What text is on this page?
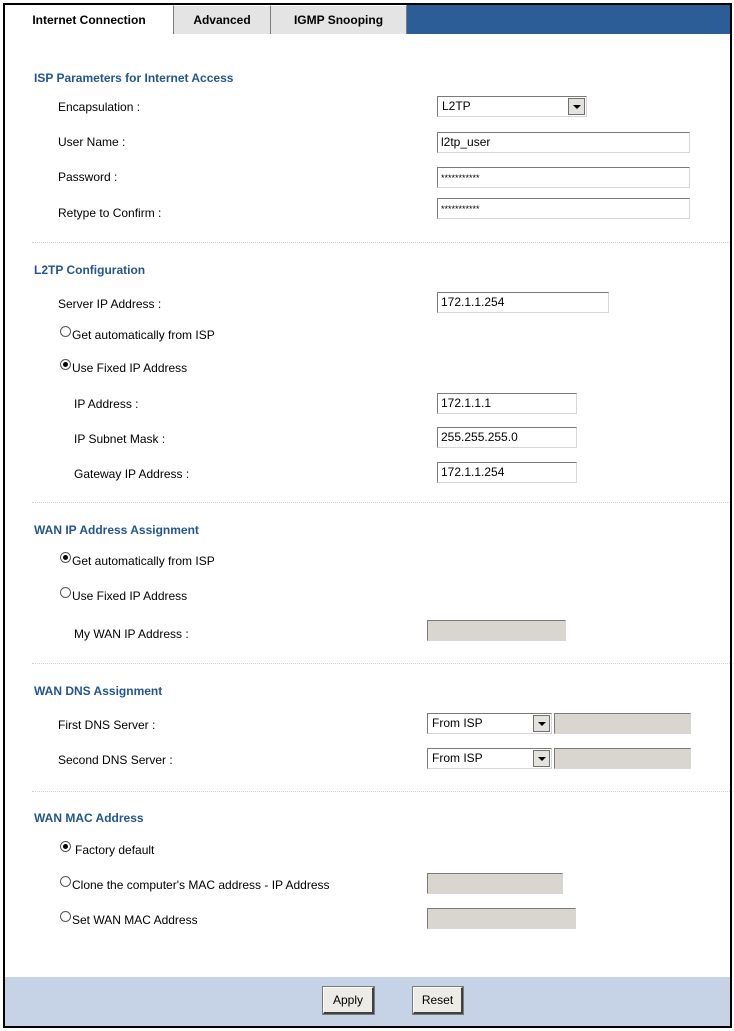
Internet Connection	Advanced	IGMP Snooping
ISP Parameters for Internet Access
Encapsulation :	L2TP
User Name :	l2tp_user
Password :	***********
Retype to Confirm :	***********
L2TP Configuration
Server IP Address :	172.1.1.254
Get automatically from ISP
Use Fixed IP Address
IP Address :	172.1.1.1
IP Subnet Mask :	255.255.255.0
Gateway IP Address :	172.1.1.254
WAN IP Address Assignment
Get automatically from ISP
Use Fixed IP Address
My WAN IP Address :
WAN DNS Assignment
First DNS Server :	From ISP
Second DNS Server :	From ISP
WAN MAC Address
Factory default
Clone the computer's MAC address - IP Address
Set WAN MAC Address
Apply	Reset
